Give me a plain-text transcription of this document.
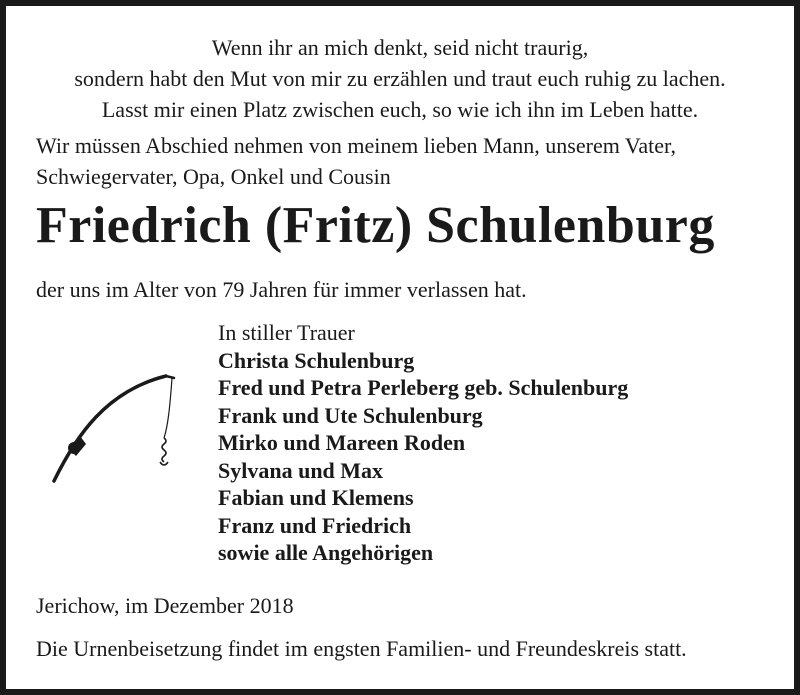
Wenn ihr an mich denkt, seid nicht traurig,
sondern habt den Mut von mir zu erzählen und traut euch ruhig zu lachen.
Lasst mir einen Platz zwischen euch, so wie ich ihn im Leben hatte.
Wir müssen Abschied nehmen von meinem lieben Mann, unserem Vater,
Schwiegervater, Opa, Onkel und Cousin
Friedrich (Fritz) Schulenburg
der uns im Alter von 79 Jahren für immer verlassen hat.
In stiller Trauer
Christa Schulenburg
Fred und Petra Perleberg geb. Schulenburg
Frank und Ute Schulenburg
Mirko und Mareen Roden
Sylvana und Max
Fabian und Klemens
Franz und Friedrich
sowie alle Angehörigen
Jerichow, im Dezember 2018
Die Urnenbeisetzung findet im engsten Familien- und Freundeskreis statt.
